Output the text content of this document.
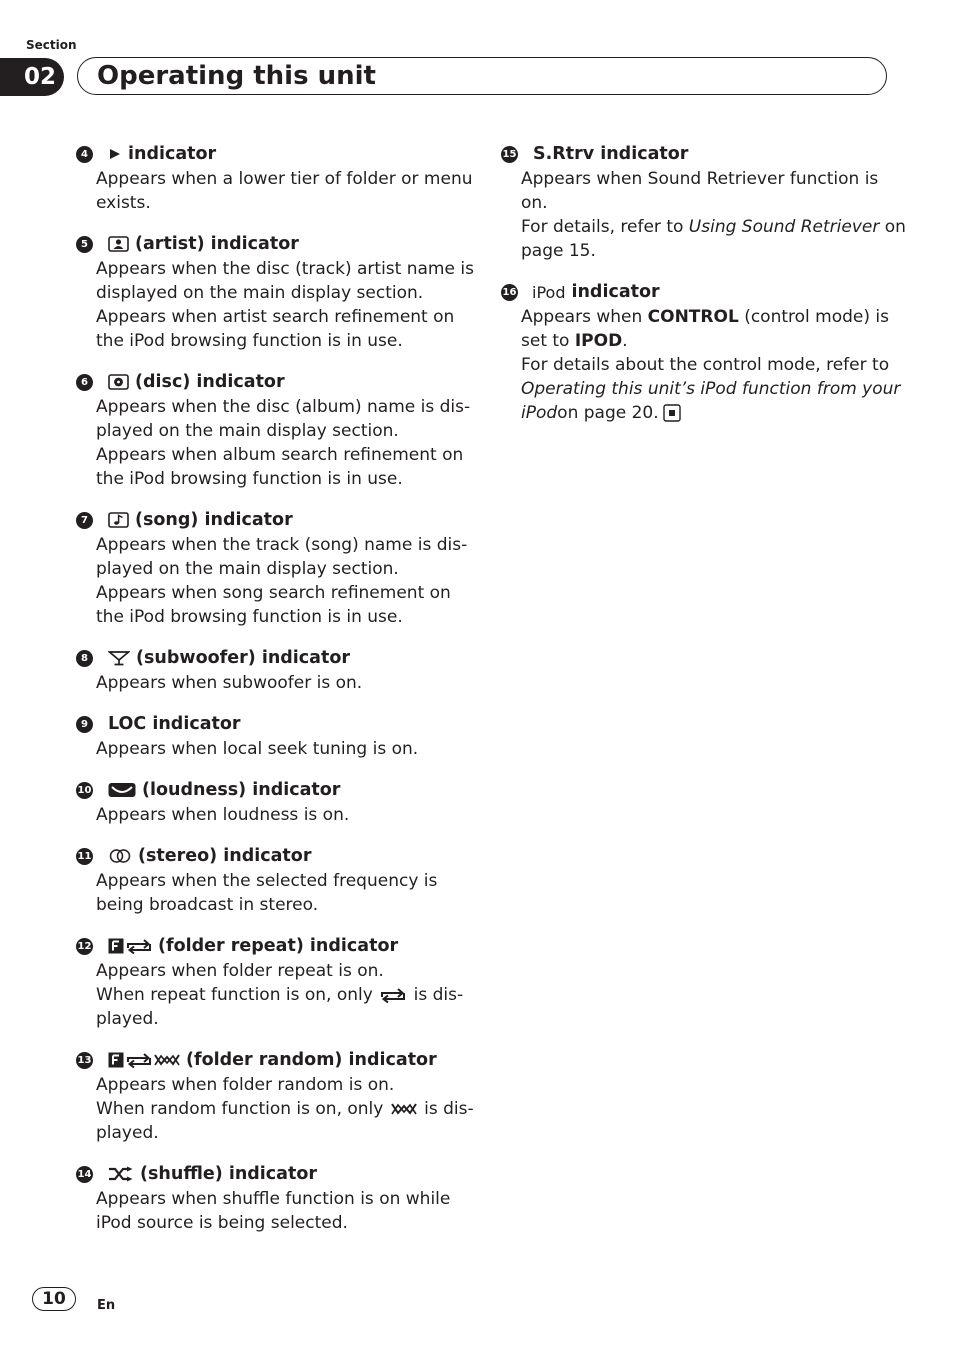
Section
02	Operating this unit
4 indicator
Appears when a lower tier of folder or menu
exists.
5	(artist) indicator
Appears when the disc (track) artist name is
displayed on the main display section.
Appears when artist search refinement on
the iPod browsing function is in use.
6	(disc) indicator
Appears when the disc (album) name is dis-
played on the main display section.
Appears when album search refinement on
the iPod browsing function is in use.
7	(song) indicator
Appears when the track (song) name is dis-
played on the main display section.
Appears when song search refinement on
the iPod browsing function is in use.
8	(subwoofer) indicator
Appears when subwoofer is on.
9 LOC indicator
Appears when local seek tuning is on.
10	(loudness) indicator
Appears when loudness is on.
11	(stereo) indicator
Appears when the selected frequency is
being broadcast in stereo.
12	(folder repeat) indicator
Appears when folder repeat is on.
When repeat function is on, only is dis-
played.
13	(folder random) indicator
Appears when folder random is on.
When random function is on, only is dis-
played.
14	(shuffle) indicator
Appears when shuffle function is on while
iPod source is being selected.
15 S.Rtrv indicator
Appears when Sound Retriever function is
on.
For details, refer to Using Sound Retriever on
page 15.
16 iPod indicator
Appears when CONTROL (control mode) is
set to IPOD.
For details about the control mode, refer to
Operating this unit’s iPod function from your
iPod on page 20.
10	En
